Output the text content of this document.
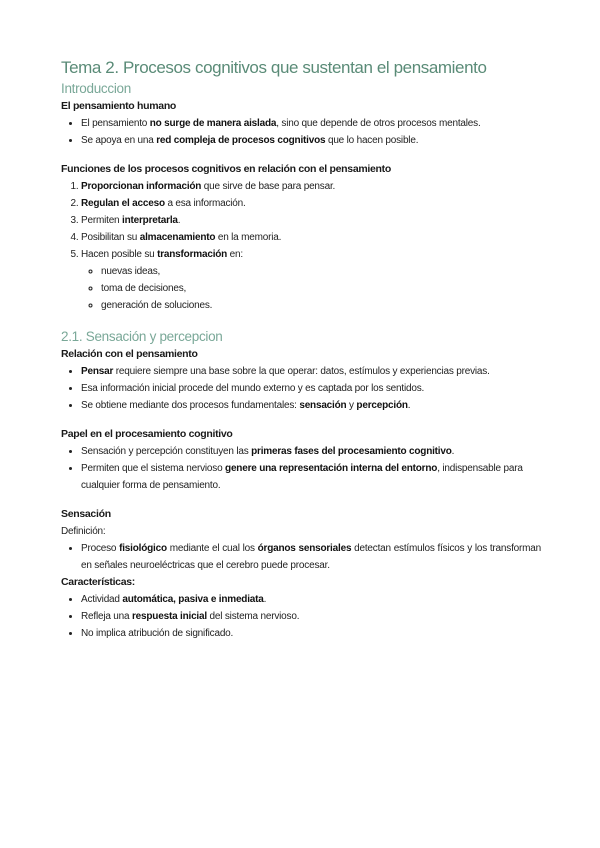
Tema 2. Procesos cognitivos que sustentan el pensamiento
Introduccion
El pensamiento humano
• El pensamiento no surge de manera aislada, sino que depende de otros procesos mentales.
• Se apoya en una red compleja de procesos cognitivos que lo hacen posible.
Funciones de los procesos cognitivos en relación con el pensamiento
1. Proporcionan información que sirve de base para pensar.
2. Regulan el acceso a esa información.
3. Permiten interpretarla.
4. Posibilitan su almacenamiento en la memoria.
5. Hacen posible su transformación en:
◦ nuevas ideas,
◦ toma de decisiones,
◦ generación de soluciones.
2.1. Sensación y percepcion
Relación con el pensamiento
• Pensar requiere siempre una base sobre la que operar: datos, estímulos y experiencias previas.
• Esa información inicial procede del mundo externo y es captada por los sentidos.
• Se obtiene mediante dos procesos fundamentales: sensación y percepción.
Papel en el procesamiento cognitivo
• Sensación y percepción constituyen las primeras fases del procesamiento cognitivo.
• Permiten que el sistema nervioso genere una representación interna del entorno, indispensable para cualquier forma de pensamiento.
Sensación

Definición:

• Proceso fisiológico mediante el cual los órganos sensoriales detectan estímulos físicos y los transforman en señales neuroeléctricas que el cerebro puede procesar.
Características:
• Actividad automática, pasiva e inmediata.
• Refleja una respuesta inicial del sistema nervioso.
• No implica atribución de significado.
